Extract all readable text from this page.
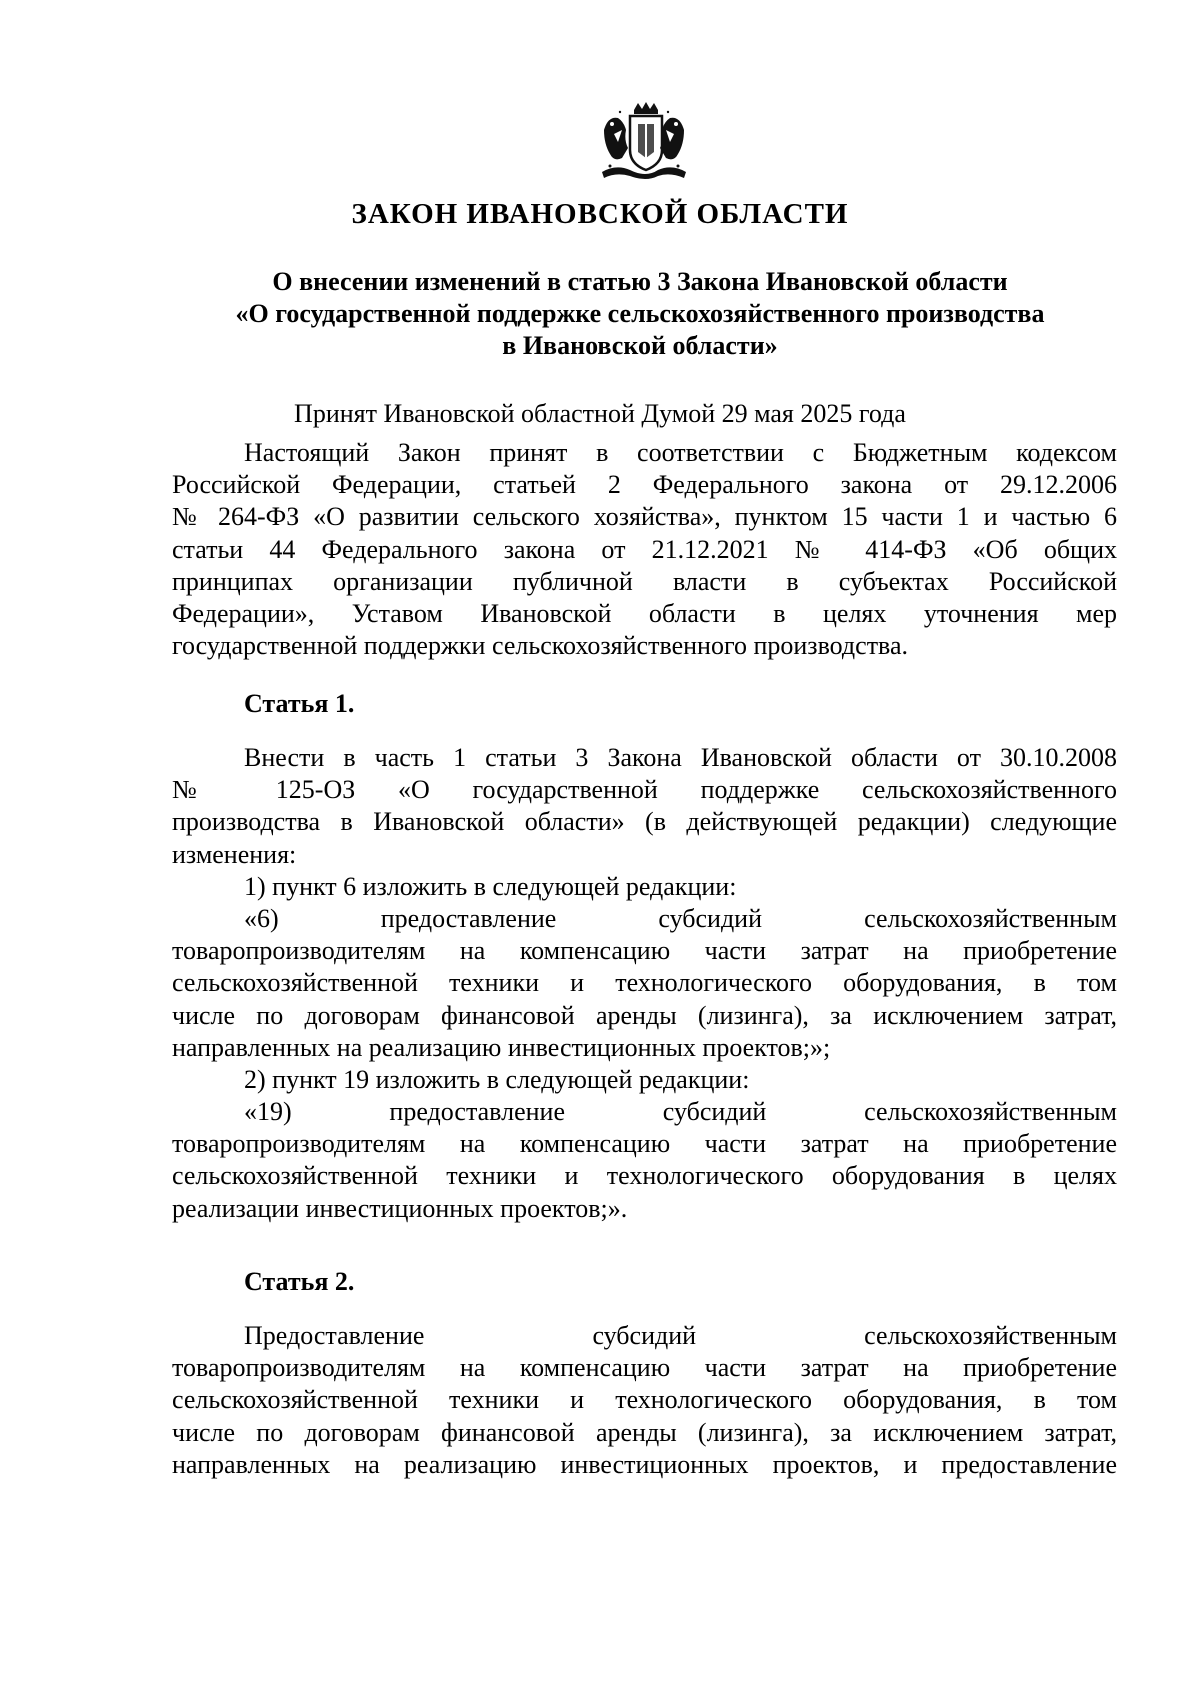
ЗАКОН ИВАНОВСКОЙ ОБЛАСТИ
О внесении изменений в статью 3 Закона Ивановской области
«О государственной поддержке сельскохозяйственного производства
в Ивановской области»

Принят Ивановской областной Думой 29 мая 2025 года

Настоящий Закон принят в соответствии с Бюджетным кодексом
Российской Федерации, статьей 2 Федерального закона от 29.12.2006
№ 264-ФЗ «О развитии сельского хозяйства», пунктом 15 части 1 и частью 6
статьи 44 Федерального закона от 21.12.2021 № 414-ФЗ «Об общих
принципах организации публичной власти в субъектах Российской
Федерации», Уставом Ивановской области в целях уточнения мер
государственной поддержки сельскохозяйственного производства.
Статья 1.
Внести в часть 1 статьи 3 Закона Ивановской области от 30.10.2008
№ 125-ОЗ «О государственной поддержке сельскохозяйственного
производства в Ивановской области» (в действующей редакции) следующие
изменения:
1) пункт 6 изложить в следующей редакции:
«6) предоставление субсидий сельскохозяйственным
товаропроизводителям на компенсацию части затрат на приобретение
сельскохозяйственной техники и технологического оборудования, в том
числе по договорам финансовой аренды (лизинга), за исключением затрат,
направленных на реализацию инвестиционных проектов;»;
2) пункт 19 изложить в следующей редакции:
«19) предоставление субсидий сельскохозяйственным
товаропроизводителям на компенсацию части затрат на приобретение
сельскохозяйственной техники и технологического оборудования в целях
реализации инвестиционных проектов;».
Статья 2.
Предоставление субсидий сельскохозяйственным
товаропроизводителям на компенсацию части затрат на приобретение
сельскохозяйственной техники и технологического оборудования, в том
числе по договорам финансовой аренды (лизинга), за исключением затрат,
направленных на реализацию инвестиционных проектов, и предоставление
